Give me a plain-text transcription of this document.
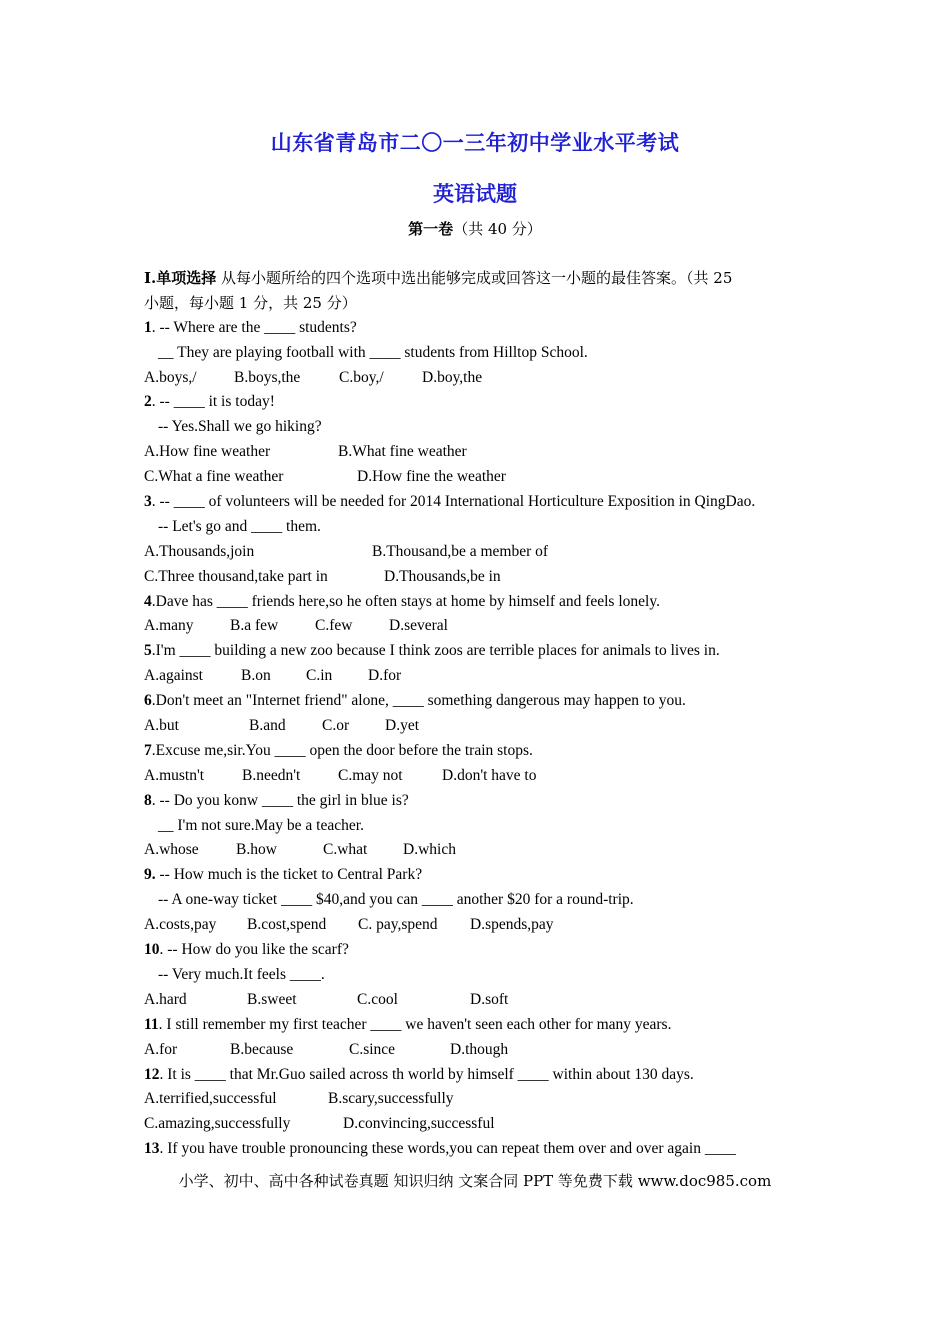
山东省青岛市二〇一三年初中学业水平考试
英语试题
第一卷（共 40 分）
I.单项选择 从每小题所给的四个选项中选出能够完成或回答这一小题的最佳答案。（共 25
小题，每小题 1 分，共 25 分）
1. -- Where are the ____ students?
__ They are playing football with ____ students from Hilltop School.
A.boys,/ B.boys,the C.boy,/ D.boy,the
2. -- ____ it is today!
-- Yes.Shall we go hiking?
A.How fine weather	B.What fine weather
C.What a fine weather	D.How fine the weather
3. -- ____ of volunteers will be needed for 2014 International Horticulture Exposition in QingDao.
-- Let's go and ____ them.
A.Thousands,join	B.Thousand,be a member of
C.Three thousand,take part in	D.Thousands,be in
4.Dave has ____ friends here,so he often stays at home by himself and feels lonely.
A.many B.a few C.few D.several
5.I'm ____ building a new zoo because I think zoos are terrible places for animals to lives in.
A.against B.on C.in D.for
6.Don't meet an "Internet friend" alone, ____ something dangerous may happen to you.
A.but	B.and C.or D.yet
7.Excuse me,sir.You ____ open the door before the train stops.
A.mustn't B.needn't C.may not	D.don't have to
8. -- Do you konw ____ the girl in blue is?
__ I'm not sure.May be a teacher.
A.whose B.how	C.what D.which
9. -- How much is the ticket to Central Park?
-- A one-way ticket ____ $40,and you can ____ another $20 for a round-trip.
A.costs,pay B.cost,spend C. pay,spend D.spends,pay
10. -- How do you like the scarf?
-- Very much.It feels ____.
A.hard	B.sweet	C.cool	D.soft
11. I still remember my first teacher ____ we haven't seen each other for many years.
A.for	B.because	C.since	D.though
12. It is ____ that Mr.Guo sailed across th world by himself ____ within about 130 days.
A.terrified,successful	B.scary,successfully
C.amazing,successfully	D.convincing,successful
13. If you have trouble pronouncing these words,you can repeat them over and over again ____
小学、初中、高中各种试卷真题 知识归纳 文案合同 PPT 等免费下载 www.doc985.com
